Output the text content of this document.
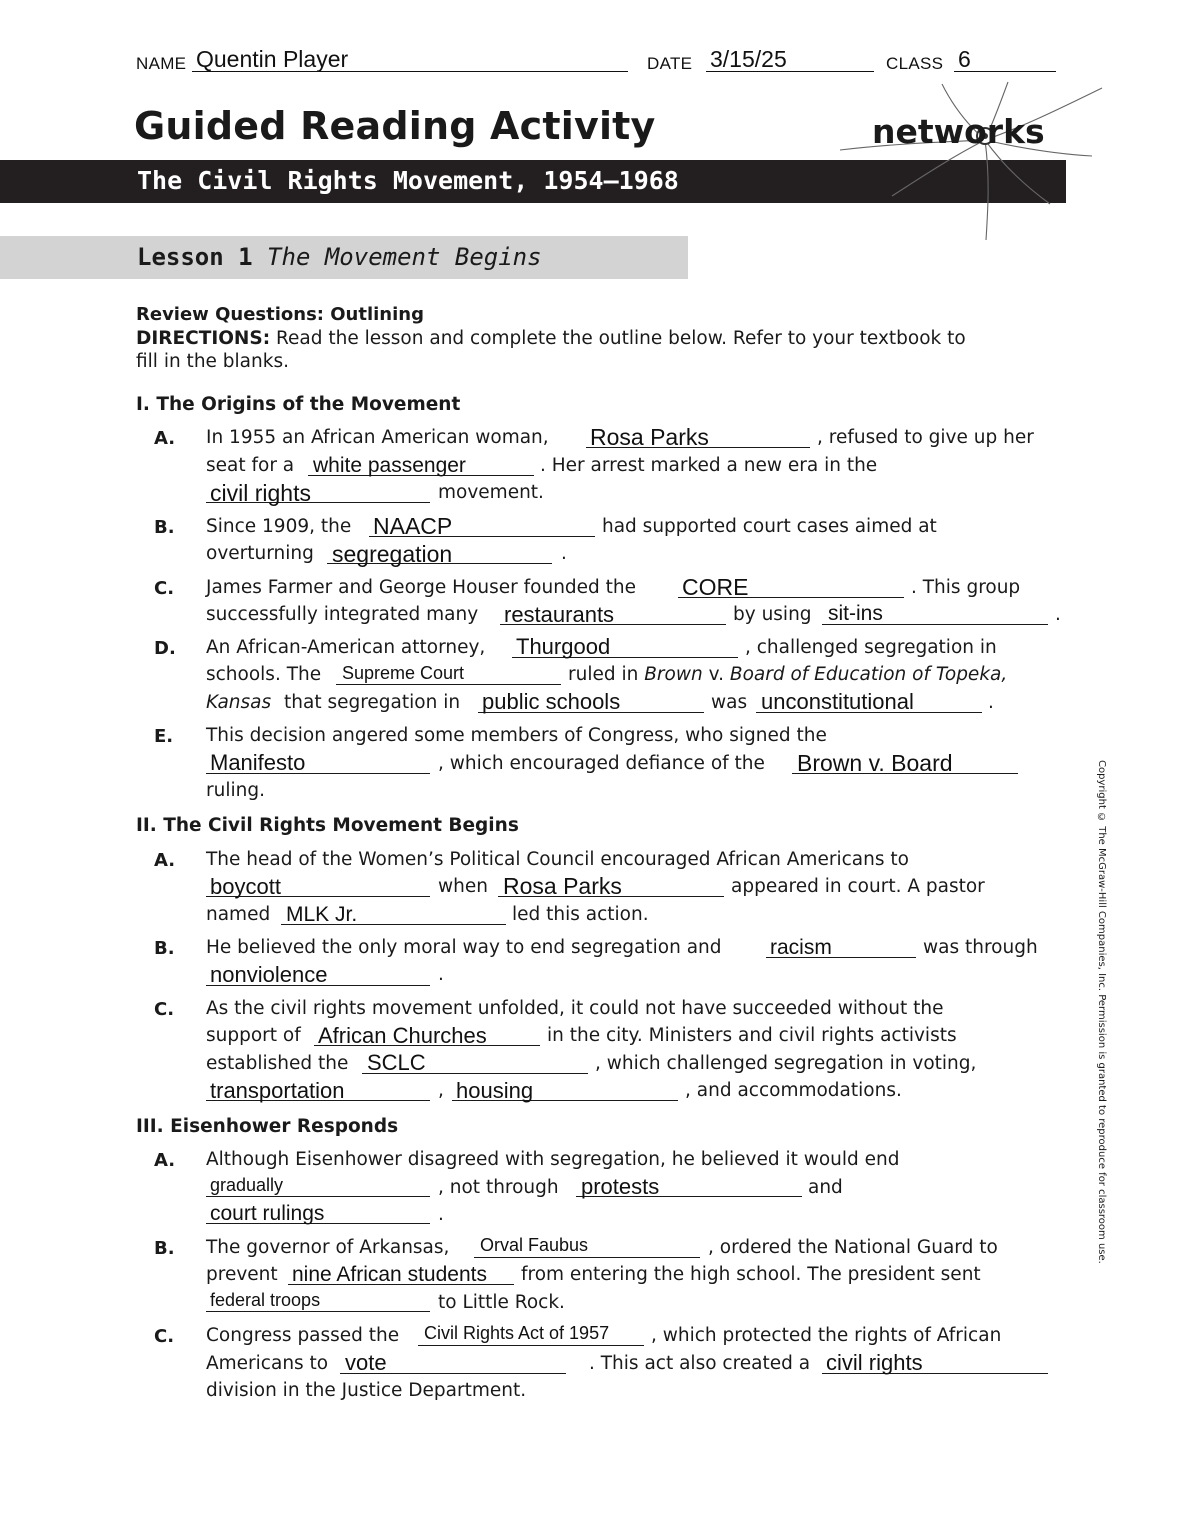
NAME Quentin Player	DATE 3/15/25	CLASS 6
Guided Reading Activity
The Civil Rights Movement, 1954–1968
networks
Lesson 1 The Movement Begins
Review Questions: Outlining
DIRECTIONS: Read the lesson and complete the outline below. Refer to your textbook to
fill in the blanks.
I. The Origins of the Movement
A. In 1955 an African American woman, Rosa Parks	, refused to give up her
seat for a white passenger	. Her arrest marked a new era in the
civil rights	movement.
B. Since 1909, the NAACP	had supported court cases aimed at
overturning segregation	.
C. James Farmer and George Houser founded the CORE	. This group
successfully integrated many restaurants	by using sit-ins	.
D. An African-American attorney, Thurgood	, challenged segregation in
schools. The Supreme Court	ruled in Brown v. Board of Education of Topeka,
Kansas that segregation in public schools	was unconstitutional	.
E. This decision angered some members of Congress, who signed the
Manifesto	, which encouraged defiance of the Brown v. Board
ruling.
II. The Civil Rights Movement Begins
A. The head of the Women’s Political Council encouraged African Americans to
boycott	when Rosa Parks	appeared in court. A pastor
named MLK Jr.	led this action.
B. He believed the only moral way to end segregation and racism	was through
nonviolence	.
C. As the civil rights movement unfolded, it could not have succeeded without the
support of African Churches	in the city. Ministers and civil rights activists
established the SCLC	, which challenged segregation in voting,
transportation	, housing	, and accommodations.
III. Eisenhower Responds
A. Although Eisenhower disagreed with segregation, he believed it would end
gradually	, not through protests	and
court rulings	.
B. The governor of Arkansas, Orval Faubus	, ordered the National Guard to
prevent nine African students from entering the high school. The president sent
federal troops	to Little Rock.
C. Congress passed the Civil Rights Act of 1957 , which protected the rights of African
Americans to vote	. This act also created a civil rights
division in the Justice Department.
Copyright © The McGraw-Hill Companies, Inc. Permission is granted to reproduce for classroom use.
